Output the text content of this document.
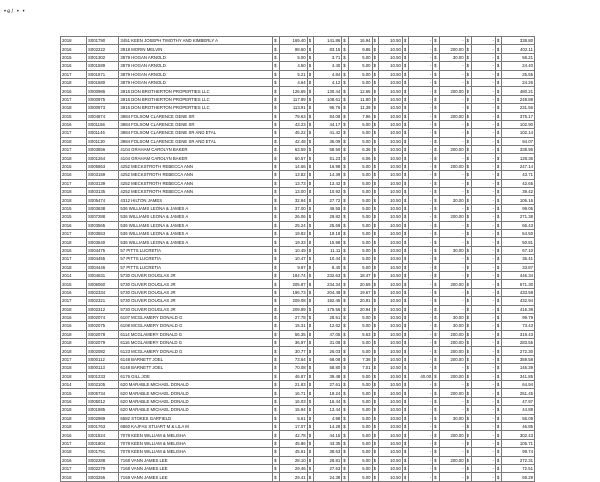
•e/ • •
2018	S001790	3451 KEEN JOSEPH TIMOTHY AND KIMBERLY A	$	169.40	$	141.86	$	16.94	$	10.50	$	-	$	-	$	-	$	338.80
2016	S002222	3918 MORIN MELVIN	$	98.60	$	83.15	$	9.86	$	10.50	$	-	$	200.00	$	-	$	402.11
2015	S001302	3879 HOGAN ARNOLD	$	5.00	$	3.71	$	5.00	$	10.50	$	-	$	30.00	$	-	$	56.21
2016	S001589	3879 HOGAN ARNOLD	$	4.50	$	4.40	$	5.00	$	10.50	$	-	$	-	$	-	$	24.40
2017	S001571	3879 HOGAN ARNOLD	$	5.21	$	4.84	$	5.00	$	10.50	$	-	$	-	$	-	$	25.55
2018	S001580	3879 HOGAN ARNOLD	$	4.64	$	4.12	$	5.00	$	10.50	$	-	$	-	$	-	$	24.26
2016	S000986	3916 DON BROTHERTON PROPERTIES LLC	$	126.65	$	130.44	$	12.66	$	10.50	$	-	$	200.00	$	-	$	480.21
2017	S000975	3916 DON BROTHERTON PROPERTIES LLC	$	117.99	$	108.61	$	11.80	$	10.50	$	-	$	-	$	-	$	248.88
2018	S000973	3916 DON BROTHERTON PROPERTIES LLC	$	113.91	$	95.76	$	11.39	$	10.50	$	-	$	-	$	-	$	231.56
2015	S004874	3984 FOLSOM CLARENCE GENE SR	$	79.63	$	84.08	$	7.96	$	10.50	$	-	$	200.00	$	-	$	375.17
2016	S001156	3984 FOLSOM CLARENCE GENE SR	$	43.23	$	44.17	$	5.00	$	10.50	$	-	$	-	$	-	$	102.90
2017	S001145	3984 FOLSOM CLARENCE GENE SR AND ETAL	$	45.22	$	41.42	$	5.00	$	10.50	$	-	$	-	$	-	$	102.14
2018	S001130	3984 FOLSOM CLARENCE GENE SR AND ETAL	$	42.48	$	36.09	$	5.00	$	10.50	$	-	$	-	$	-	$	94.07
2017	S003656	4104 GRAHAM CAROLYN BAKER	$	63.59	$	58.50	$	6.36	$	10.50	$	-	$	200.00	$	-	$	338.95
2018	S001264	4104 GRAHAM CAROLYN BAKER	$	60.57	$	51.23	$	6.06	$	10.50	$	-	$	-	$	-	$	128.36
2015	S005863	4252 MECKSTROTH REBECCA ANN	$	14.66	$	16.98	$	5.00	$	10.50	$	-	$	200.00	$	-	$	247.14
2016	S003159	4252 MECKSTROTH REBECCA ANN	$	13.82	$	14.39	$	5.00	$	10.50	$	-	$	-	$	-	$	43.71
2017	S003139	4252 MECKSTROTH REBECCA ANN	$	13.73	$	13.42	$	5.00	$	10.50	$	-	$	-	$	-	$	42.65
2018	S003135	4252 MECKSTROTH REBECCA ANN	$	13.00	$	10.92	$	5.00	$	10.50	$	-	$	-	$	-	$	39.42
2018	S005474	4312 HILTON JAMES	$	32.94	$	27.72	$	5.00	$	10.50	$	-	$	30.00	$	-	$	106.16
2015	S003638	536 WILLIAMS LEONA & JAMES A	$	37.00	$	46.55	$	5.00	$	10.50	$	-	$	-	$	-	$	99.05
2015	S007288	536 WILLIAMS LEONA & JAMES A	$	26.06	$	29.82	$	5.00	$	10.50	$	-	$	200.00	$	-	$	271.38
2016	S003565	536 WILLIAMS LEONA & JAMES A	$	25.24	$	25.69	$	5.00	$	10.50	$	-	$	-	$	-	$	66.43
2017	S003553	536 WILLIAMS LEONA & JAMES A	$	19.82	$	19.18	$	5.00	$	10.50	$	-	$	-	$	-	$	54.50
2018	S003540	536 WILLIAMS LEONA & JAMES A	$	19.33	$	15.98	$	5.00	$	10.50	$	-	$	-	$	-	$	50.81
2016	S004475	57 PITTS LUCRETIA	$	10.49	$	11.11	$	5.00	$	10.50	$	-	$	30.00	$	-	$	67.10
2017	S004455	57 PITTS LUCRETIA	$	10.47	$	10.44	$	5.00	$	10.50	$	-	$	-	$	-	$	36.41
2018	S004446	57 PITTS LUCRETIA	$	9.97	$	8.40	$	5.00	$	10.50	$	-	$	-	$	-	$	33.87
2014	S004631	5730 OLIVER DOUGLAS JR	$	184.74	$	232.63	$	18.47	$	10.50	$	-	$	-	$	-	$	446.34
2015	S006060	5730 OLIVER DOUGLAS JR	$	205.87	$	234.34	$	20.59	$	10.50	$	-	$	200.00	$	-	$	671.30
2016	S002334	5730 OLIVER DOUGLAS JR	$	196.73	$	204.48	$	19.67	$	10.50	$	-	$	-	$	-	$	433.58
2017	S002321	5730 OLIVER DOUGLAS JR	$	209.08	$	192.45	$	20.91	$	10.50	$	-	$	-	$	-	$	432.94
2018	S002312	5730 OLIVER DOUGLAS JR	$	209.99	$	175.56	$	20.94	$	10.50	$	-	$	-	$	-	$	416.39
2016	S002074	6107 MCGLAMERY DONALD G	$	27.78	$	28.51	$	5.00	$	10.50	$	-	$	30.00	$	-	$	99.79
2016	S002075	6108 MCGLAMERY DONALD G	$	15.31	$	12.62	$	5.00	$	10.50	$	-	$	30.00	$	-	$	73.43
2018	S002078	6114 MCGLAMERY DONALD G	$	56.35	$	47.05	$	5.63	$	10.50	$	-	$	200.00	$	-	$	319.43
2018	S002079	6116 MCGLAMERY DONALD G	$	36.97	$	31.08	$	5.00	$	10.50	$	-	$	200.00	$	-	$	283.55
2018	S002082	6123 MCGLAMERY DONALD G	$	30.77	$	26.03	$	5.00	$	10.50	$	-	$	200.00	$	-	$	272.30
2017	S000112	6148 BARNETT JOEL	$	73.64	$	68.08	$	7.36	$	10.50	$	-	$	200.00	$	-	$	359.58
2018	S000113	6148 BARNETT JOEL	$	70.08	$	58.80	$	7.01	$	10.50	$	-	$	-	$	-	$	146.39
2018	S001233	6176 GILL JOE	$	46.87	$	39.48	$	5.00	$	10.50	$	40.00	$	200.00	$	-	$	341.85
2014	S002105	620 MARABLE MICHAEL DONALD	$	21.83	$	27.61	$	5.00	$	10.50	$	-	$	-	$	-	$	64.94
2015	S005734	620 MARABLE MICHAEL DONALD	$	16.71	$	19.24	$	5.00	$	10.50	$	-	$	200.00	$	-	$	251.45
2016	S005012	620 MARABLE MICHAEL DONALD	$	16.03	$	16.44	$	5.00	$	10.50	$	-	$	-	$	-	$	47.97
2018	S001985	620 MARABLE MICHAEL DONALD	$	15.94	$	13.44	$	5.00	$	10.50	$	-	$	-	$	-	$	44.88
2018	S002989	6582 STOKES GARFIELD	$	5.61	$	4.98	$	5.00	$	10.50	$	-	$	30.00	$	-	$	56.09
2018	S001763	6860 KAJFAS STUART M & LILA M	$	17.07	$	14.28	$	5.00	$	10.50	$	-	$	-	$	-	$	46.85
2016	S001824	7078 KEEN WILLIAM & MELISHA	$	42.78	$	44.15	$	5.00	$	10.50	$	-	$	200.00	$	-	$	302.43
2017	S001804	7078 KEEN WILLIAM & MELISHA	$	45.86	$	43.35	$	5.00	$	10.50	$	-	$	-	$	-	$	105.71
2018	S001791	7078 KEEN WILLIAM & MELISHA	$	45.61	$	38.63	$	5.00	$	10.50	$	-	$	-	$	-	$	99.74
2016	S002288	7168 VANN JAMES LEE	$	28.10	$	28.81	$	5.00	$	10.50	$	-	$	200.00	$	-	$	272.31
2017	S002279	7168 VANN JAMES LEE	$	29.46	$	27.53	$	5.00	$	10.50	$	-	$	-	$	-	$	72.51
2018	S003255	7168 VANN JAMES LEE	$	29.41	$	24.38	$	5.00	$	10.50	$	-	$	-	$	-	$	69.29
